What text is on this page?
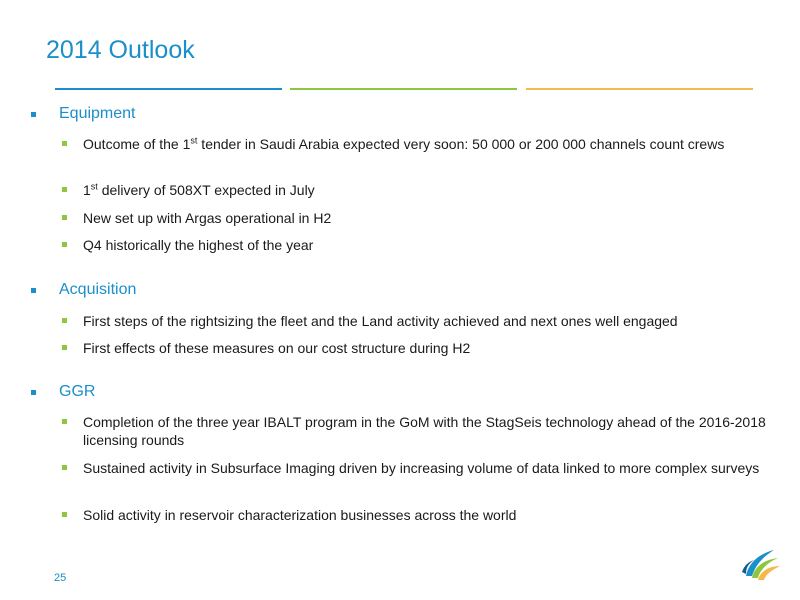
2014 Outlook
Equipment
Outcome of the 1st tender in Saudi Arabia expected very soon: 50 000 or 200 000 channels count crews
1st delivery of 508XT expected in July
New set up with Argas operational in H2
Q4 historically the highest of the year
Acquisition
First steps of the rightsizing the fleet and the Land activity achieved and next ones well engaged
First effects of these measures on our cost structure during H2
GGR
Completion of the three year IBALT program in the GoM with the StagSeis technology ahead of the 2016-2018 licensing rounds
Sustained activity in Subsurface Imaging driven by increasing volume of data linked to more complex surveys
Solid activity in reservoir characterization businesses across the world
25
